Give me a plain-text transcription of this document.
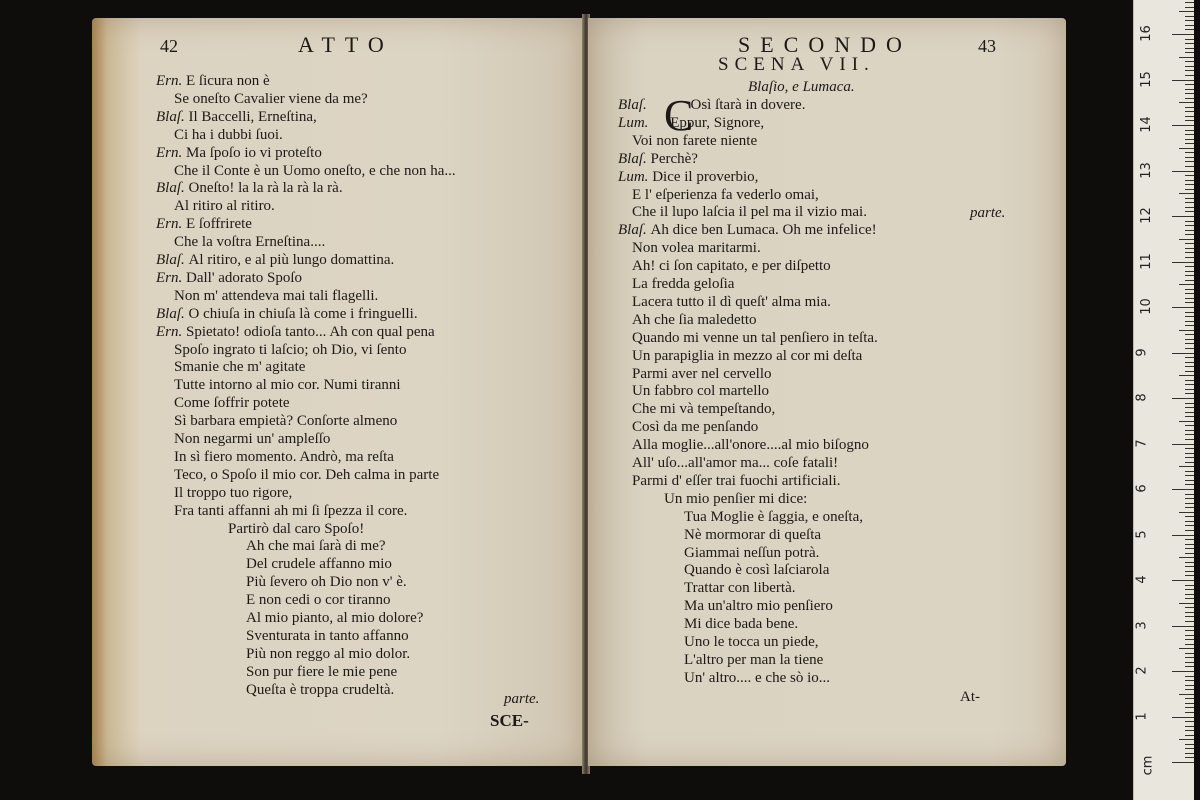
42	ATTO
Ern. E ſicura non è
Se oneſto Cavalier viene da me?
Blaſ. Il Baccelli, Erneſtina,
Ci ha i dubbi ſuoi.
Ern. Ma ſpoſo io vi proteſto
Che il Conte è un Uomo oneſto, e che non ha...
Blaſ. Oneſto! la la rà la rà la rà.
Al ritiro al ritiro.
Ern. E ſoffrirete
Che la voſtra Erneſtina....
Blaſ. Al ritiro, e al più lungo domattina.
Ern. Dall' adorato Spoſo
Non m' attendeva mai tali flagelli.
Blaſ. O chiuſa in chiuſa là come i fringuelli.
Ern. Spietato! odioſa tanto... Ah con qual pena
Spoſo ingrato ti laſcio; oh Dio, vi ſento
Smanie che m' agitate
Tutte intorno al mio cor. Numi tiranni
Come ſoffrir potete
Sì barbara empietà? Conſorte almeno
Non negarmi un' ampleſſo
In sì fiero momento. Andrò, ma reſta
Teco, o Spoſo il mio cor. Deh calma in parte
Il troppo tuo rigore,
Fra tanti affanni ah mi ſi ſpezza il core.
Partirò dal caro Spoſo!
Ah che mai ſarà di me?
Del crudele affanno mio
Più ſevero oh Dio non v' è.
E non cedi o cor tiranno
Al mio pianto, al mio dolore?
Sventurata in tanto affanno
Più non reggo al mio dolor.
Son pur fiere le mie pene
Queſta è troppa crudeltà.
parte.
SCE-
SECONDO	43
SCENA VII.
Blaſio, e Lumaca.
C
Blaſ.	Osì ſtarà in dovere.
Lum. Eppur, Signore,
Voi non farete niente
Blaſ. Perchè?
Lum. Dice il proverbio,
E l' eſperienza fa vederlo omai,
Che il lupo laſcia il pel ma il vizio mai.
Blaſ. Ah dice ben Lumaca. Oh me infelice!
Non volea maritarmi.
Ah! ci ſon capitato, e per diſpetto
La fredda geloſia
Lacera tutto il dì queſt' alma mia.
Ah che ſia maledetto
Quando mi venne un tal penſiero in teſta.
Un parapiglia in mezzo al cor mi deſta
Parmi aver nel cervello
Un fabbro col martello
Che mi và tempeſtando,
Così da me penſando
Alla moglie...all'onore....al mio biſogno
All' uſo...all'amor ma... coſe fatali!
Parmi d' eſſer trai fuochi artificiali.
Un mio penſier mi dice:
Tua Moglie è ſaggia, e oneſta,
Nè mormorar di queſta
Giammai neſſun potrà.
Quando è così laſciarola
Trattar con libertà.
Ma un'altro mio penſiero
Mi dice bada bene.
Uno le tocca un piede,
L'altro per man la tiene
Un' altro.... e che sò io...
parte.
At-
cm
1
2
3
4
5
6
7
8
9
10
11
12
13
14
15
16
